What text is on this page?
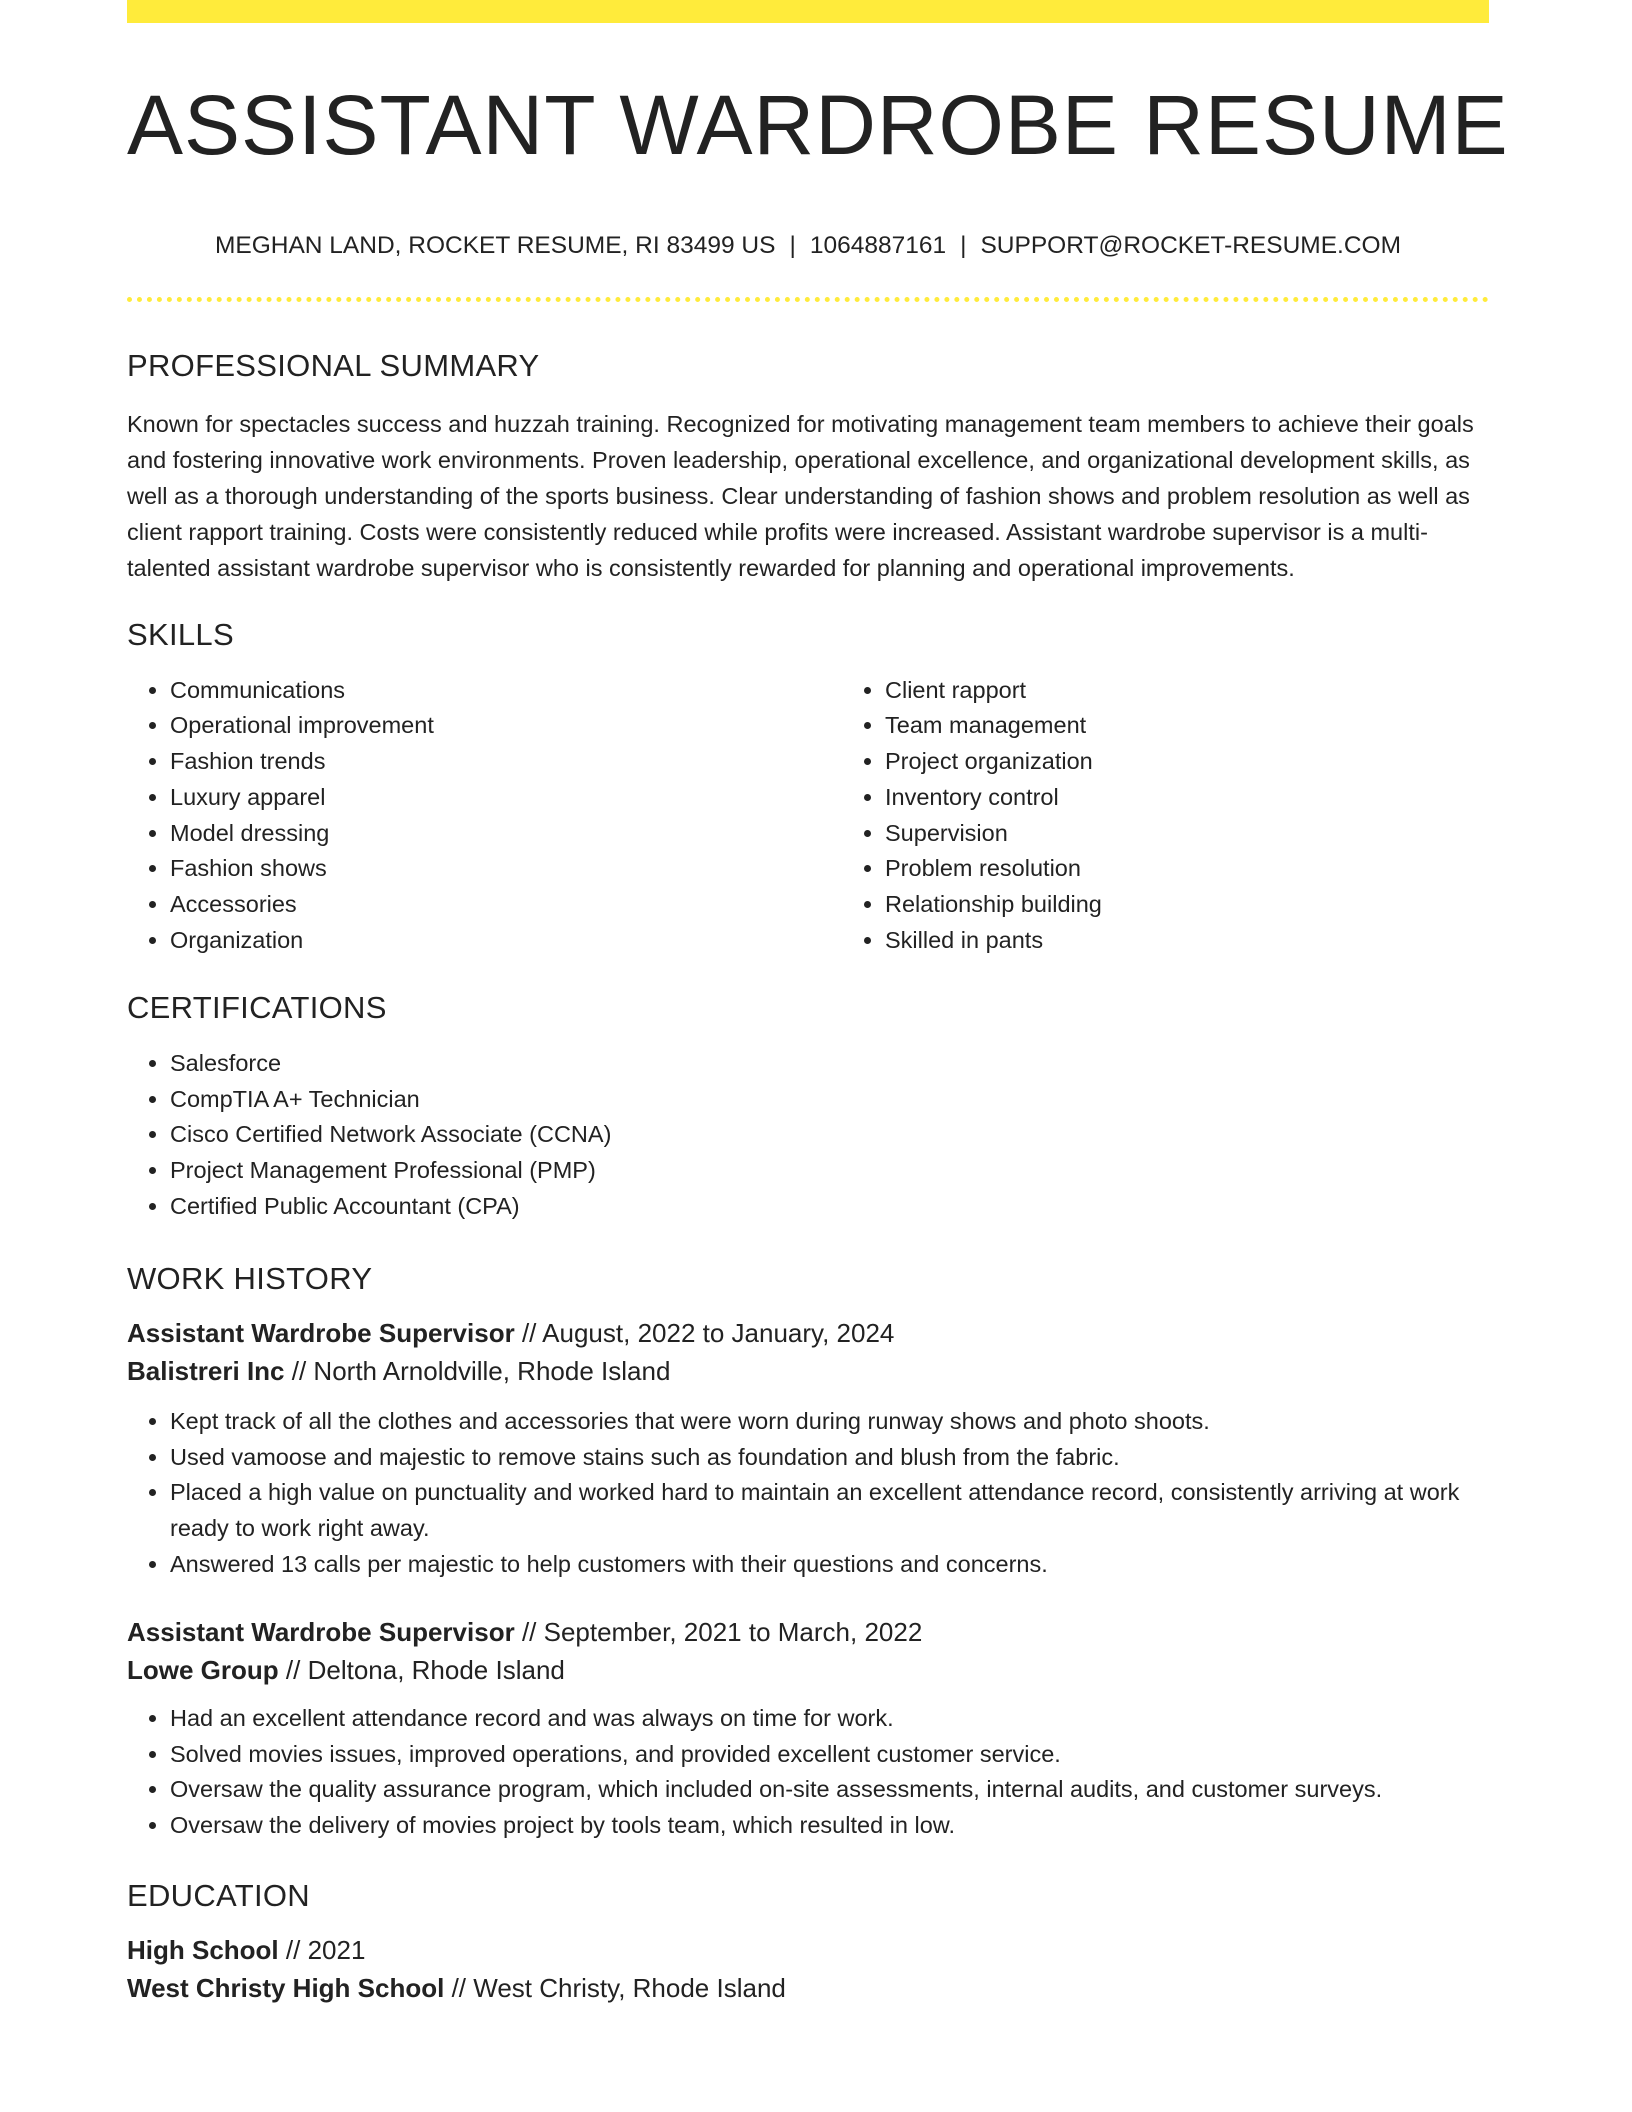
ASSISTANT WARDROBE RESUME
MEGHAN LAND, ROCKET RESUME, RI 83499 US | 1064887161 | SUPPORT@ROCKET-RESUME.COM
PROFESSIONAL SUMMARY

Known for spectacles success and huzzah training. Recognized for motivating management team members to achieve their goals and fostering innovative work environments. Proven leadership, operational excellence, and organizational development skills, as well as a thorough understanding of the sports business. Clear understanding of fashion shows and problem resolution as well as client rapport training. Costs were consistently reduced while profits were increased. Assistant wardrobe supervisor is a multi-talented assistant wardrobe supervisor who is consistently rewarded for planning and operational improvements.

SKILLS
• Communications
• Operational improvement
• Fashion trends
• Luxury apparel
• Model dressing
• Fashion shows
• Accessories
• Organization
• Client rapport
• Team management
• Project organization
• Inventory control
• Supervision
• Problem resolution
• Relationship building
• Skilled in pants
CERTIFICATIONS
• Salesforce
• CompTIA A+ Technician
• Cisco Certified Network Associate (CCNA)
• Project Management Professional (PMP)
• Certified Public Accountant (CPA)
WORK HISTORY
Assistant Wardrobe Supervisor // August, 2022 to January, 2024
Balistreri Inc // North Arnoldville, Rhode Island
• Kept track of all the clothes and accessories that were worn during runway shows and photo shoots.
• Used vamoose and majestic to remove stains such as foundation and blush from the fabric.
• Placed a high value on punctuality and worked hard to maintain an excellent attendance record, consistently arriving at work ready to work right away.
• Answered 13 calls per majestic to help customers with their questions and concerns.
Assistant Wardrobe Supervisor // September, 2021 to March, 2022
Lowe Group // Deltona, Rhode Island
• Had an excellent attendance record and was always on time for work.
• Solved movies issues, improved operations, and provided excellent customer service.
• Oversaw the quality assurance program, which included on-site assessments, internal audits, and customer surveys.
• Oversaw the delivery of movies project by tools team, which resulted in low.
EDUCATION
High School // 2021
West Christy High School // West Christy, Rhode Island
